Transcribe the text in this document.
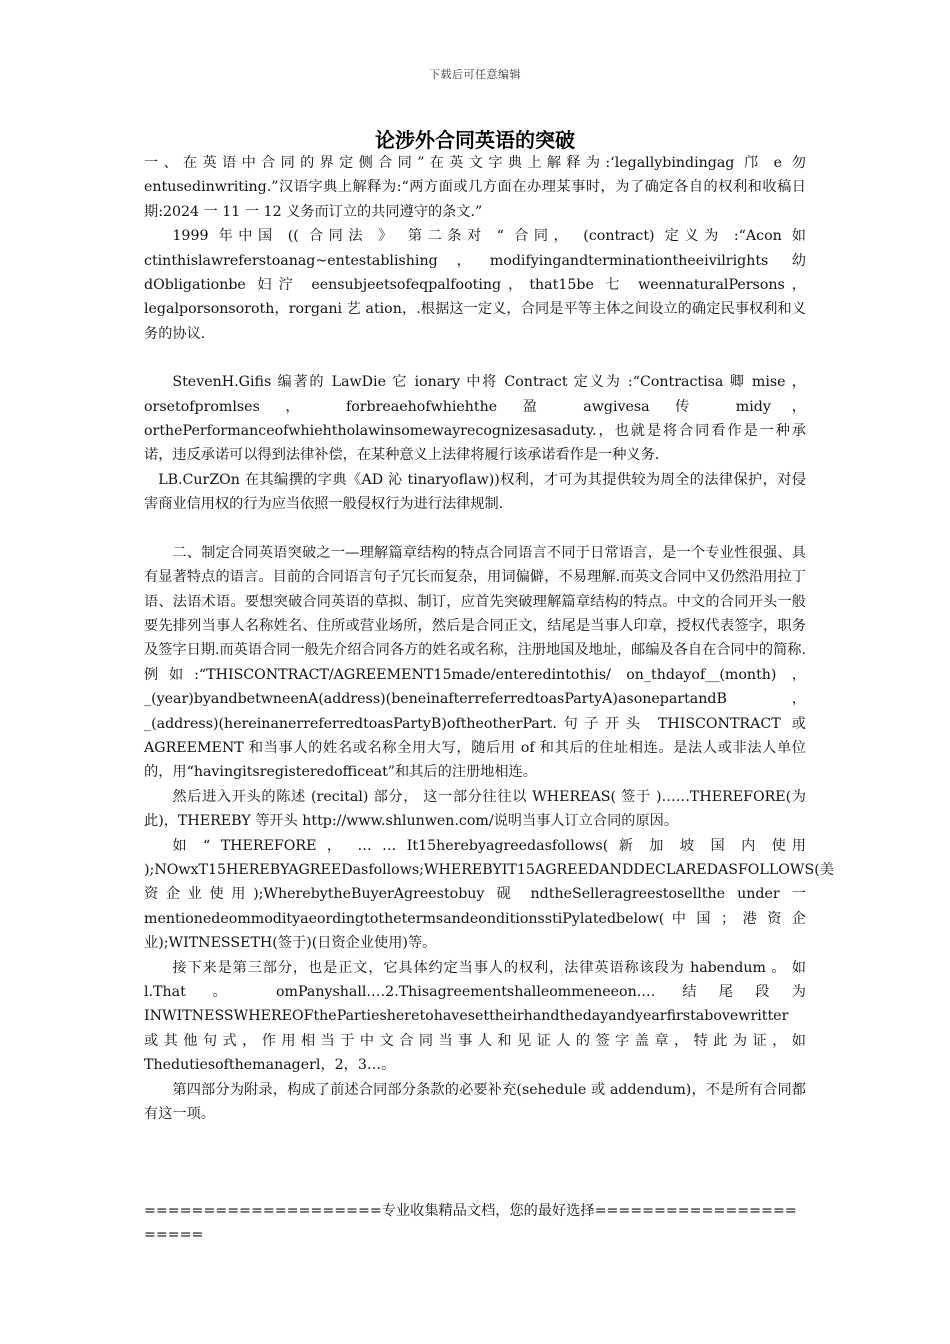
下载后可任意编辑
论涉外合同英语的突破

一、在英语中合同的界定侧合同”在英文字典上解释为:‘legallybindingag 邝 e 勿 entusedinwriting.”汉语字典上解释为:“两方面或几方面在办理某事时，为了确定各自的权利和收稿日期:2024 一 11 一 12 义务而订立的共同遵守的条文.”

1999 年中国 (( 合同法 》 第二条对 “ 合同， (contract) 定义为 :“Acon 如 ctinthislawreferstoanag~entestablishing，modifyingandterminationtheeivilrights 幼 dObligationbe 妇泞 eensubjeetsofeqpalfooting，that15be 七 weennaturalPersons，legalporsonsoroth，rorgani 艺 ation，.根据这一定义，合同是平等主体之间设立的确定民事权利和义务的协议.

StevenH.Gifis 编著的 LawDie 它 ionary 中将 Contract 定义为 :“Contractisa 卿 mise ， orsetofpromlses ， forbreaehofwhiehthe 盈 awgivesa 传 midy，orthePerformanceofwhiehtholawinsomewayrecognizesasaduty.，也就是将合同看作是一种承诺，违反承诺可以得到法律补偿，在某种意义上法律将履行该承诺看作是一种义务.

LB.CurZOn 在其编撰的字典《AD 沁 tinaryoflaw))权利，才可为其提供较为周全的法律保护，对侵害商业信用权的行为应当依照一般侵权行为进行法律规制.

二、制定合同英语突破之一—理解篇章结构的特点合同语言不同于日常语言，是一个专业性很强、具有显著特点的语言。目前的合同语言句子冗长而复杂，用词偏僻，不易理解.而英文合同中又仍然沿用拉丁语、法语术语。要想突破合同英语的草拟、制订，应首先突破理解篇章结构的特点。中文的合同开头一般要先排列当事人名称姓名、住所或营业场所，然后是合同正文，结尾是当事人印章，授权代表签字，职务及签字日期.而英语合同一般先介绍合同各方的姓名或名称，注册地国及地址，邮编及各自在合同中的简称.例如:“THISCONTRACT/AGREEMENT15made/enteredintothis/ on_thdayof__(month) ， _(year)byandbetwneenA(address)(beneinafterreferredtoasPartyA)asonepartandB ， _(address)(hereinanerreferredtoasPartyB)oftheotherPart.句子开头 THISCONTRACT 或 AGREEMENT 和当事人的姓名或名称全用大写，随后用 of 和其后的住址相连。是法人或非法人单位的，用“havingitsregisteredofficeat”和其后的注册地相连。

然后进入开头的陈述 (recital) 部分， 这一部分往往以 WHEREAS( 签于 )……THEREFORE(为此)，THEREBY 等开头 http://www.shlunwen.com/说明当事人订立合同的原因。

如 “ THEREFORE ， … … It15herebyagreedasfollows( 新 加 坡 国 内 使用 );NOwxT15HEREBYAGREEDasfollows;WHEREBYIT15AGREEDANDDECLAREDASFOLLOWS(美资企业使用);WherebytheBuyerAgreestobuy 砚 ndtheSelleragreestosellthe under 一 mentionedeommodityaeordingtothetermsandeonditionsstiPylatedbelow( 中 国 ； 港 资 企业);WITNESSETH(签于)(日资企业使用)等。

接下来是第三部分，也是正文，它具体约定当事人的权利，法律英语称该段为 habendum 。 如 l.That 。 omPanyshall.…2.Thisagreementshalleommeneeon.… 结尾段为 INWITNESSWHEREOFthePartiesheretohavesettheirhandthedayandyearfirstabovewritter 或其他句式，作用相当于中文合同当事人和见证人的签字盖章，特此为证，如 Thedutiesofthemanagerl，2，3…。

第四部分为附录，构成了前述合同部分条款的必要补充(sehedule 或 addendum)，不是所有合同都有这一项。

====================专业收集精品文档，您的最好选择======================
